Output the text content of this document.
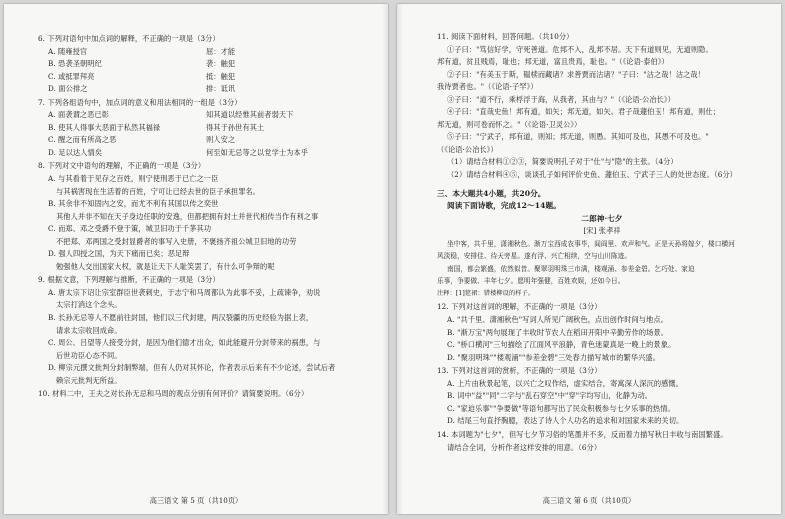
6. 下列对语句中加点词的解释，不正确的一项是（3分）
A. 随雍授官	屈：才能
B. 恐袭圣朝明纪	袭：触犯
C. 或抵罪拜亮	抵：触犯
D. 面公排之	排：诋讯
7. 下列各组语句中，加点词的意义和用法相同的一组是（3分）
A. 面袭谓之恶已彰	知其道以经惟其前者弱天下
B. 使其人得事大恶面于私然其福禄	得其于孙世有其土
C. 醒之而有所高之恶	则人安之
D. 足以达人情矣	何至如无忌等之以党学士为本乎
8. 下列对文中语句的理解，不正确的一项是（3分）
A. 与其看着于见存之百姓，则宁使刑恶于已亡之一臣
与其祸害现在生活着的百姓，宁可让已经去世的臣子承担罪名。
B. 其余非不知固内之安，而尤不利有其国以传之奕世
其他人并非不知在天子身边任职的安逸，但都把拥有封土并世代相传当作有利之事
C. 而郑、邓之受爵不登于策，城卫旧功于千茅其功
不把郑、邓两国之受封显爵者的事写入史册，不褒扬齐祖公城卫旧地的功劳
D. 强人四授之国，为天下痛而已矣；恶足辩
勉强他人交出国家大权，就是让天下人耻笑罢了，有什么可争辩的呢
9. 根据文意，下列理解与推断，不正确的一项是（3分）
A. 唐太宗下诏让宗室群臣世袭刺史，于志宁和马周都认为此事不妥，上疏谏争，劝说
太宗打消这个念头。
B. 长孙无忌等人不愿前往封国，他们以三代封建，两汉裂疆的历史经验为据上表，
请求太宗收回成命。
C. 周公、吕望等人接受分封，是因为他们德才出众，如此能避开分封带来的祸患，与
后世功臣心态不同。
D. 柳宗元撰文批判分封制弊端，但有人仍对其怀论，作者表示后来有不少论述，尝试后者
赖宗元批判无所益。
10. 材料二中，王夫之对长孙无忌和马周的观点分别有何评价？请简要说明。（6分）
高三语文 第 5 页（共10页）
11. 阅读下面材料，回答问题。（共10分）
①子曰："笃信好学，守死善道。危邦不入，乱邦不居。天下有道则见，无道则隐。
邦有道，贫且贱焉，耻也；邦无道，富且贵焉，耻也。"（《论语·泰伯》）
②子曰："有美玉于斯，韫椟而藏诸？求善贾而沽诸？"子曰："沽之哉！沽之哉！
我待贾者也。"（《论语·子罕》）
③子曰："道不行，乘桴浮于海，从我者，其由与？"（《论语·公冶长》）
④子曰："直哉史鱼！邦有道，如矢；邦无道，如矢。君子哉蘧伯玉！邦有道，则仕；
邦无道，则可卷而怀之。"（《论语·卫灵公》）
⑤子曰："宁武子，邦有道，则知；邦无道，则愚。其知可及也，其愚不可及也。"
（《论语·公冶长》）
（1）请结合材料①②③，简要说明孔子对于"仕"与"隐"的主张。（4分）
（2）请结合材料④⑤，谈谈孔子如何评价史鱼、蘧伯玉、宁武子三人的处世态度。（6分）
三、本大题共4小题，共20分。
阅读下面诗歌，完成12～14题。
二郎神·七夕
[宋] 张孝祥
坐中客，共千里，潇湘秋色。渐万宝西成农事毕，闾阎里、欢声和气。正是天孙将嫁夕，楼口横河
风淡稳，安排佳、待天旁星。遂有浮、兴亡相续，空与山川陈迹。
南国，都会繁盛，依然似昔。聚翠羽明珠三市满，楼观涌、参差金碧。乞巧处、家迫
乐事，争要做、丰年七夕。愿明年强健，百姓欢娱，还如今日。
注释：[1]筵裙：错楼柳设的样子。
12. 下列对这首词的理解，不正确的一项是（3分）
A. "共千里、潇湘秋色"写词人所见广阔秋色，点出创作时间与地点。
B. "渐万宝"两句展现了丰收时节农人在稻田开阳中辛勤劳作的场景。
C. "桥口横河"三句描绘了江面风平浪静，青色迷蒙真是一晚上的景象。
D. "聚羽明珠""楼观涌""参差金碧"三处春力描写城市的繁华兴盛。
13. 下列对这首词的赏析，不正确的一项是（3分）
A. 上片由秋景起笔，以兴亡之叹作结，虚实结合，寄寓深人深沉的感慨。
B. 词中"益""同"二字与"乱石穿空"中"穿"字均写山，化静为动。
C. "家迫乐事""争要做"等语句都写出了民众积极参与七夕乐事的热情。
D. 结尾三句直抒胸臆，表达了诗人个人功名的追求和对国家未来的关切。
14. 本词题为"七夕"，但写七夕节习俗的笔墨并不多，反而着力描写秋日丰收与南国繁盛。
请结合全词，分析作者这样安排的用意。（6分）
高三语文 第 6 页（共10页）
